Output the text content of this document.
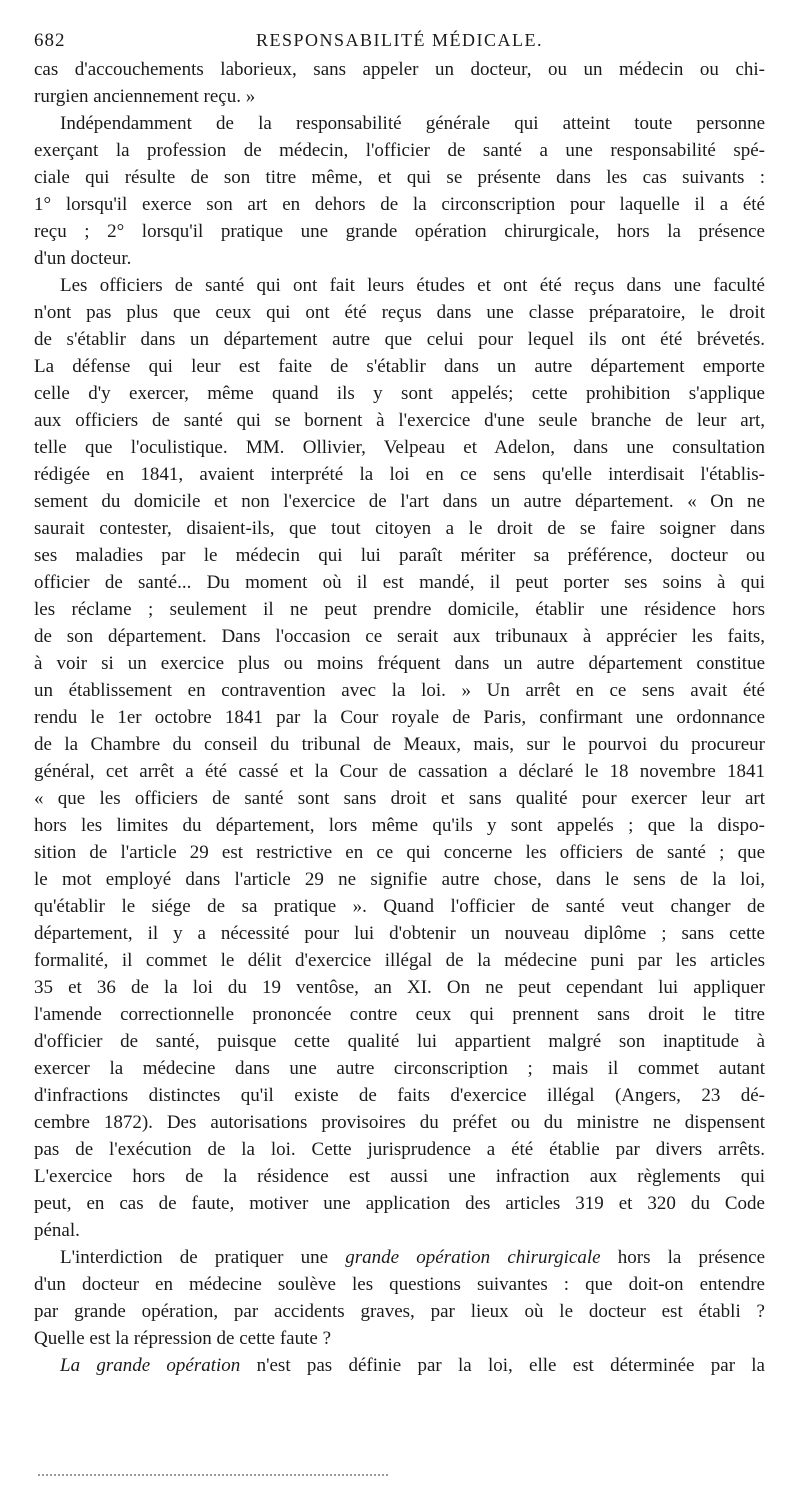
682	RESPONSABILITÉ MÉDICALE.
cas d'accouchements laborieux, sans appeler un docteur, ou un médecin ou chi-
rurgien anciennement reçu. »
Indépendamment de la responsabilité générale qui atteint toute personne
exerçant la profession de médecin, l'officier de santé a une responsabilité spé-
ciale qui résulte de son titre même, et qui se présente dans les cas suivants :
1° lorsqu'il exerce son art en dehors de la circonscription pour laquelle il a été
reçu ; 2° lorsqu'il pratique une grande opération chirurgicale, hors la présence
d'un docteur.
Les officiers de santé qui ont fait leurs études et ont été reçus dans une faculté
n'ont pas plus que ceux qui ont été reçus dans une classe préparatoire, le droit
de s'établir dans un département autre que celui pour lequel ils ont été brévetés.
La défense qui leur est faite de s'établir dans un autre département emporte
celle d'y exercer, même quand ils y sont appelés; cette prohibition s'applique
aux officiers de santé qui se bornent à l'exercice d'une seule branche de leur art,
telle que l'oculistique. MM. Ollivier, Velpeau et Adelon, dans une consultation
rédigée en 1841, avaient interprété la loi en ce sens qu'elle interdisait l'établis-
sement du domicile et non l'exercice de l'art dans un autre département. « On ne
saurait contester, disaient-ils, que tout citoyen a le droit de se faire soigner dans
ses maladies par le médecin qui lui paraît mériter sa préférence, docteur ou
officier de santé... Du moment où il est mandé, il peut porter ses soins à qui
les réclame ; seulement il ne peut prendre domicile, établir une résidence hors
de son département. Dans l'occasion ce serait aux tribunaux à apprécier les faits,
à voir si un exercice plus ou moins fréquent dans un autre département constitue
un établissement en contravention avec la loi. » Un arrêt en ce sens avait été
rendu le 1er octobre 1841 par la Cour royale de Paris, confirmant une ordonnance
de la Chambre du conseil du tribunal de Meaux, mais, sur le pourvoi du procureur
général, cet arrêt a été cassé et la Cour de cassation a déclaré le 18 novembre 1841
« que les officiers de santé sont sans droit et sans qualité pour exercer leur art
hors les limites du département, lors même qu'ils y sont appelés ; que la dispo-
sition de l'article 29 est restrictive en ce qui concerne les officiers de santé ; que
le mot employé dans l'article 29 ne signifie autre chose, dans le sens de la loi,
qu'établir le siége de sa pratique ». Quand l'officier de santé veut changer de
département, il y a nécessité pour lui d'obtenir un nouveau diplôme ; sans cette
formalité, il commet le délit d'exercice illégal de la médecine puni par les articles
35 et 36 de la loi du 19 ventôse, an XI. On ne peut cependant lui appliquer
l'amende correctionnelle prononcée contre ceux qui prennent sans droit le titre
d'officier de santé, puisque cette qualité lui appartient malgré son inaptitude à
exercer la médecine dans une autre circonscription ; mais il commet autant
d'infractions distinctes qu'il existe de faits d'exercice illégal (Angers, 23 dé-
cembre 1872). Des autorisations provisoires du préfet ou du ministre ne dispensent
pas de l'exécution de la loi. Cette jurisprudence a été établie par divers arrêts.
L'exercice hors de la résidence est aussi une infraction aux règlements qui
peut, en cas de faute, motiver une application des articles 319 et 320 du Code
pénal.
L'interdiction de pratiquer une grande opération chirurgicale hors la présence
d'un docteur en médecine soulève les questions suivantes : que doit-on entendre
par grande opération, par accidents graves, par lieux où le docteur est établi ?
Quelle est la répression de cette faute ?
La grande opération n'est pas définie par la loi, elle est déterminée par la
